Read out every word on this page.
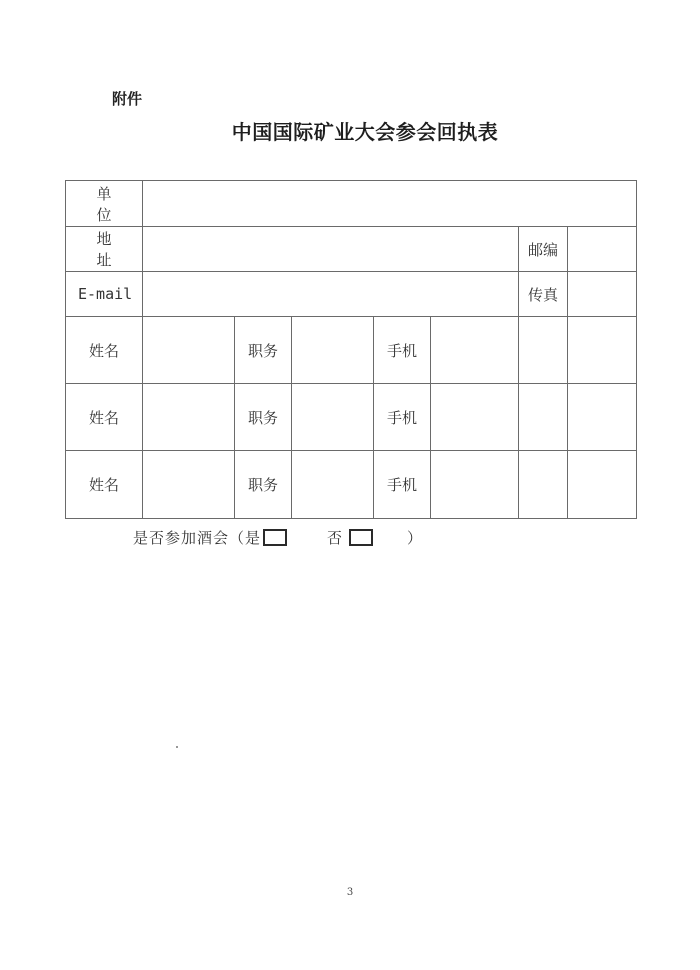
附件
中国国际矿业大会参会回执表
单 位							
地 址						邮编	
E-mail						传真	
姓名		职务		手机			
姓名		职务		手机			
姓名		职务		手机			
是否参加酒会（是	否	）
3
